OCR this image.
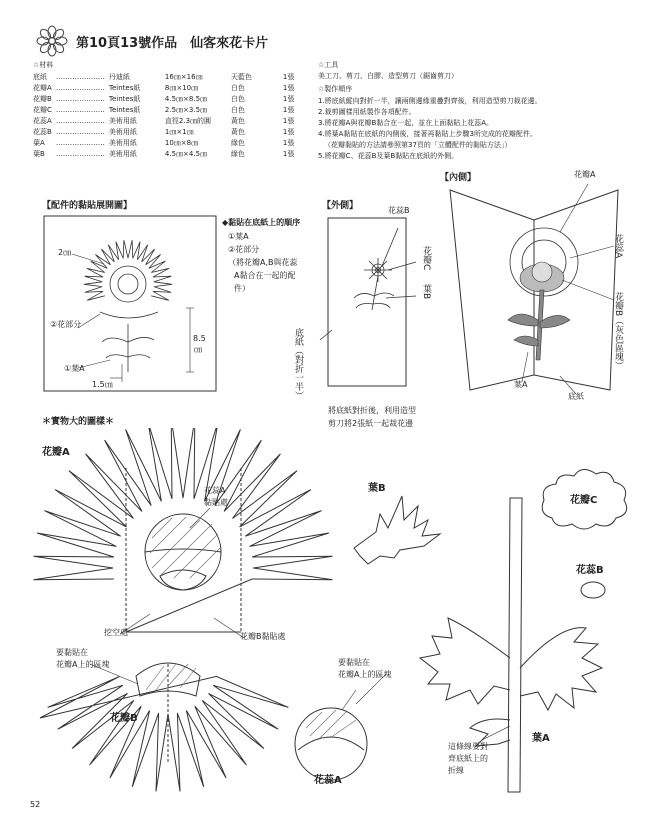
第10頁13號作品　仙客來花卡片
☆材料
底紙	…………………	丹迪紙	16㎝×16㎝	天藍色	1張
花瓣A	…………………	Teintes紙	8㎝×10㎝	白色	1張
花瓣B	…………………	Teintes紙	4.5㎝×8.5㎝	白色	1張
花瓣C	…………………	Teintes紙	2.5㎝×3.5㎝	白色	1張
花蕊A	…………………	美術用紙	直徑2.3㎝的圓	黃色	1張
花蕊B	…………………	美術用紙	1㎝×1㎝	黃色	1張
葉A	…………………	美術用紙	10㎝×8㎝	綠色	1張
葉B	…………………	美術用紙	4.5㎝×4.5㎝	綠色	1張
☆工具
美工刀、剪刀、白膠、造型剪刀（鋸齒剪刀）
☆製作順序
1.將底紙縱向對折一半，讓兩側邊緣重疊對齊後，利用造型剪刀裁花邊。
2.裁剪圖樣用紙製作各項配件。
3.將花瓣A與花瓣B黏合在一起，並在上面黏貼上花蕊A。
4.將葉A黏貼在底紙的內側後，接著再黏貼上步驟3所完成的花瓣配件。
（花瓣黏貼的方法請參照第37頁的「立體配件的黏貼方法」）
5.將花瓣C、花蕊B及葉B黏貼在底紙的外側。
【配件的黏貼展開圖】
2㎝
8.5
㎝
1.5㎝
②花部分
①葉A
◆黏貼在底紙上的順序
①葉A
②花部分
（將花瓣A,B與花蕊
A黏合在一起的配
件）
【外側】	花蕊B
花瓣C
葉B
底紙（對折一半）
將底紙對折後，利用造型
剪刀將2張紙一起裁花邊
【內側】	花瓣A
花蕊A
花瓣B（灰色區塊）
葉A
底紙
＊實物大的圖樣＊
花瓣A
花蕊A
黏貼處
挖空處	花瓣B黏貼處
要黏貼在
花瓣A上的區塊
花瓣B
要黏貼在
花瓣A上的區塊
花蕊A
葉B
花瓣C
花蕊B
葉A
這條線要對
齊底紙上的
折線
52
